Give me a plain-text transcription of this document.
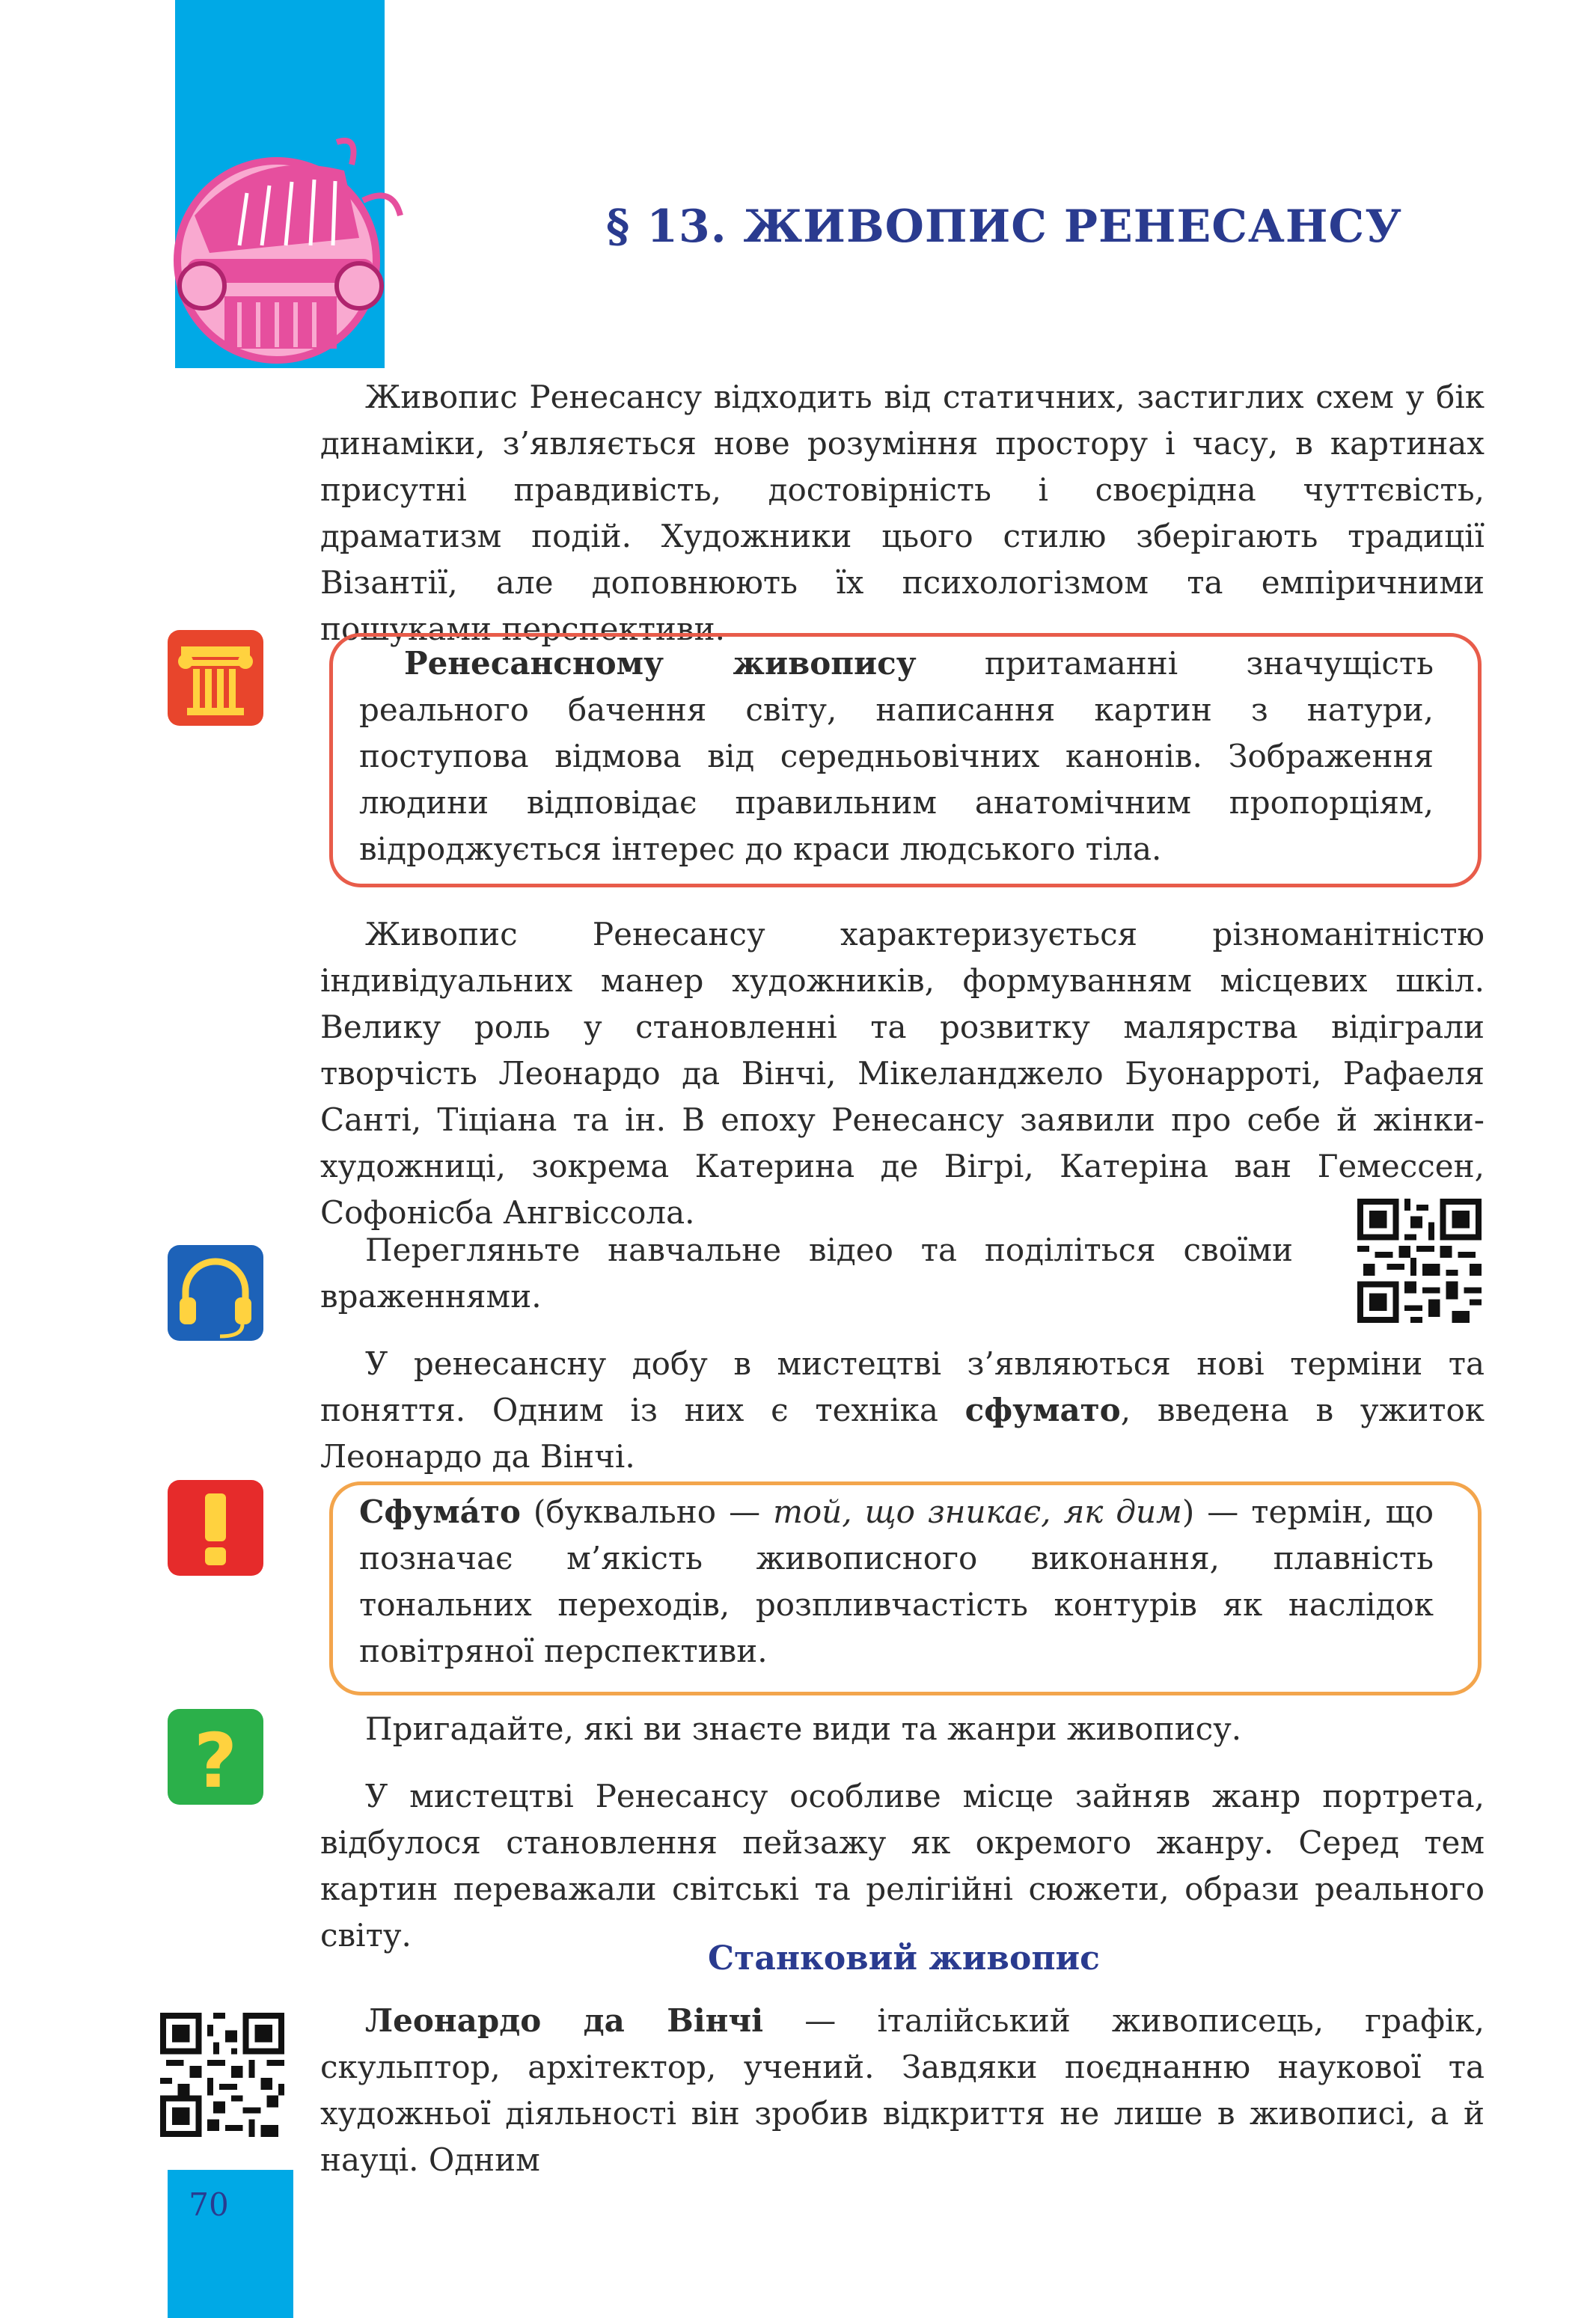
§ 13. ЖИВОПИС РЕНЕСАНСУ
Живопис Ренесансу відходить від статичних, застиглих схем у бік динаміки, з’являється нове розуміння простору і часу, в картинах присутні правдивість, достовірність і своєрідна чуттєвість, драматизм подій. Художники цього стилю зберігають традиції Візантії, але доповнюють їх психологізмом та емпіричними пошуками перспективи.
Ренесансному живопису притаманні значущість реального бачення світу, написання картин з натури, поступова відмова від середньовічних канонів. Зображення людини відповідає правильним анатомічним пропорціям, відроджується інтерес до краси людського тіла.
Живопис Ренесансу характеризується різноманітністю індивідуальних манер художників, формуванням місцевих шкіл. Велику роль у становленні та розвитку малярства відіграли творчість Леонардо да Вінчі, Мікеланджело Буонарроті, Рафаеля Санті, Тіціана та ін. В епоху Ренесансу заявили про себе й жінки-художниці, зокрема Катерина де Вігрі, Катеріна ван Гемессен, Софонісба Ангвіссола.
Перегляньте навчальне відео та поділіться своїми враженнями.
У ренесансну добу в мистецтві з’являються нові терміни та поняття. Одним із них є техніка сфумато, введена в ужиток Леонардо да Вінчі.
Сфума́то (буквально — той, що зникає, як дим) — термін, що позначає м’якість живописного виконання, плавність тональних переходів, розпливчастість контурів як наслідок повітряної перспективи.
?	Пригадайте, які ви знаєте види та жанри живопису.
У мистецтві Ренесансу особливе місце зайняв жанр портрета, відбулося становлення пейзажу як окремого жанру. Серед тем картин переважали світські та релігійні сюжети, образи реального світу.
Станковий живопис
Леонардо да Вінчі — італійський живописець, графік, скульптор, архітектор, учений. Завдяки поєднанню наукової та художньої діяльності він зробив відкриття не лише в живописі, а й науці. Одним
70
